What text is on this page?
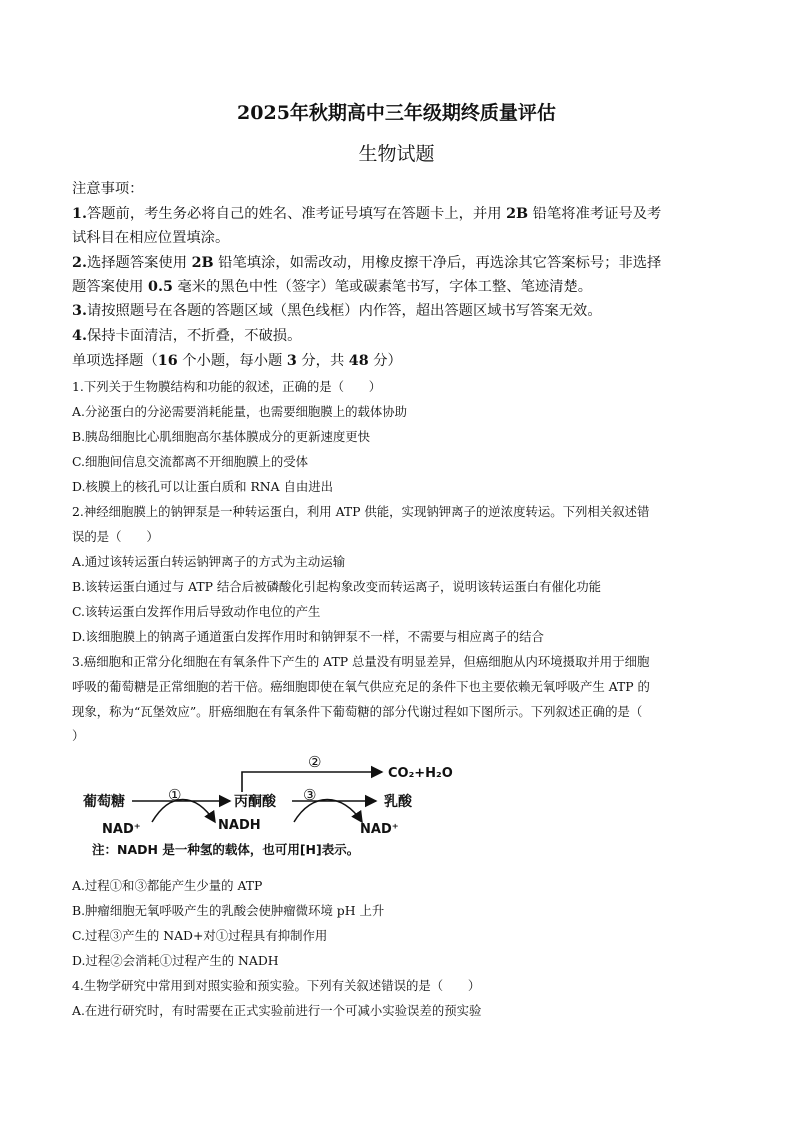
2025年秋期高中三年级期终质量评估
生物试题
注意事项：
1.答题前，考生务必将自己的姓名、准考证号填写在答题卡上，并用 2B 铅笔将准考证号及考
试科目在相应位置填涂。
2.选择题答案使用 2B 铅笔填涂，如需改动，用橡皮擦干净后，再选涂其它答案标号；非选择
题答案使用 0.5 毫米的黑色中性（签字）笔或碳素笔书写，字体工整、笔迹清楚。
3.请按照题号在各题的答题区域（黑色线框）内作答，超出答题区域书写答案无效。
4.保持卡面清洁，不折叠，不破损。
单项选择题（16 个小题，每小题 3 分，共 48 分）
1.下列关于生物膜结构和功能的叙述，正确的是（　　）
A.分泌蛋白的分泌需要消耗能量，也需要细胞膜上的载体协助
B.胰岛细胞比心肌细胞高尔基体膜成分的更新速度更快
C.细胞间信息交流都离不开细胞膜上的受体
D.核膜上的核孔可以让蛋白质和 RNA 自由进出
2.神经细胞膜上的钠钾泵是一种转运蛋白，利用 ATP 供能，实现钠钾离子的逆浓度转运。下列相关叙述错
误的是（　　）
A.通过该转运蛋白转运钠钾离子的方式为主动运输
B.该转运蛋白通过与 ATP 结合后被磷酸化引起构象改变而转运离子，说明该转运蛋白有催化功能
C.该转运蛋白发挥作用后导致动作电位的产生
D.该细胞膜上的钠离子通道蛋白发挥作用时和钠钾泵不一样，不需要与相应离子的结合
3.癌细胞和正常分化细胞在有氧条件下产生的 ATP 总量没有明显差异，但癌细胞从内环境摄取并用于细胞
呼吸的葡萄糖是正常细胞的若干倍。癌细胞即使在氧气供应充足的条件下也主要依赖无氧呼吸产生 ATP 的
现象，称为“瓦堡效应”。肝癌细胞在有氧条件下葡萄糖的部分代谢过程如下图所示。下列叙述正确的是（
）
葡萄糖	丙酮酸	乳酸
CO₂+H₂O
NAD⁺	NADH	NAD⁺
①
②
③
注：NADH 是一种氢的载体，也可用[H]表示。
A.过程①和③都能产生少量的 ATP
B.肿瘤细胞无氧呼吸产生的乳酸会使肿瘤微环境 pH 上升
C.过程③产生的 NAD+对①过程具有抑制作用
D.过程②会消耗①过程产生的 NADH
4.生物学研究中常用到对照实验和预实验。下列有关叙述错误的是（　　）
A.在进行研究时，有时需要在正式实验前进行一个可减小实验误差的预实验
